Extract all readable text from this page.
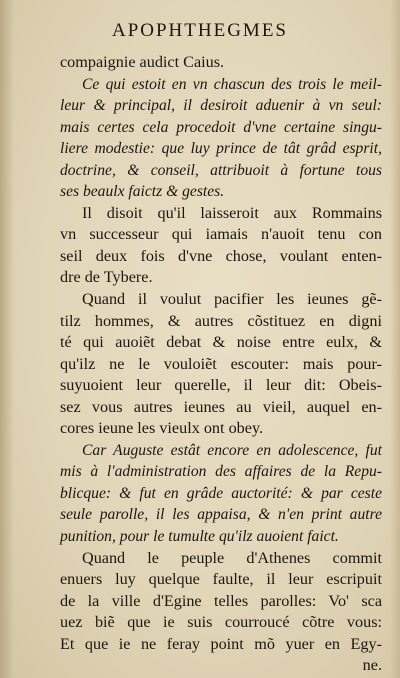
APOPHTHEGMES
compaignie audict Caius.
Ce qui estoit en vn chascun des trois le meil-
leur & principal, il desiroit aduenir à vn seul:
mais certes cela procedoit d'vne certaine singu-
liere modestie: que luy prince de tât grâd esprit,
doctrine, & conseil, attribuoit à fortune tous
ses beaulx faictz & gestes.
Il disoit qu'il laisseroit aux Rommains
vn successeur qui iamais n'auoit tenu con
seil deux fois d'vne chose, voulant enten-
dre de Tybere.
Quand il voulut pacifier les ieunes gẽ-
tilz hommes, & autres cõstituez en digni
té qui auoiẽt debat & noise entre eulx, &
qu'ilz ne le vouloiẽt escouter: mais pour-
suyuoient leur querelle, il leur dit: Obeis-
sez vous autres ieunes au vieil, auquel en-
cores ieune les vieulx ont obey.
Car Auguste estât encore en adolescence, fut
mis à l'administration des affaires de la Repu-
blicque: & fut en grâde auctorité: & par ceste
seule parolle, il les appaisa, & n'en print autre
punition, pour le tumulte qu'ilz auoient faict.
Quand le peuple d'Athenes commit
enuers luy quelque faulte, il leur escripuit
de la ville d'Egine telles parolles: Vo' sca
uez biẽ que ie suis courroucé cõtre vous:
Et que ie ne feray point mõ yuer en Egy-
ne.
